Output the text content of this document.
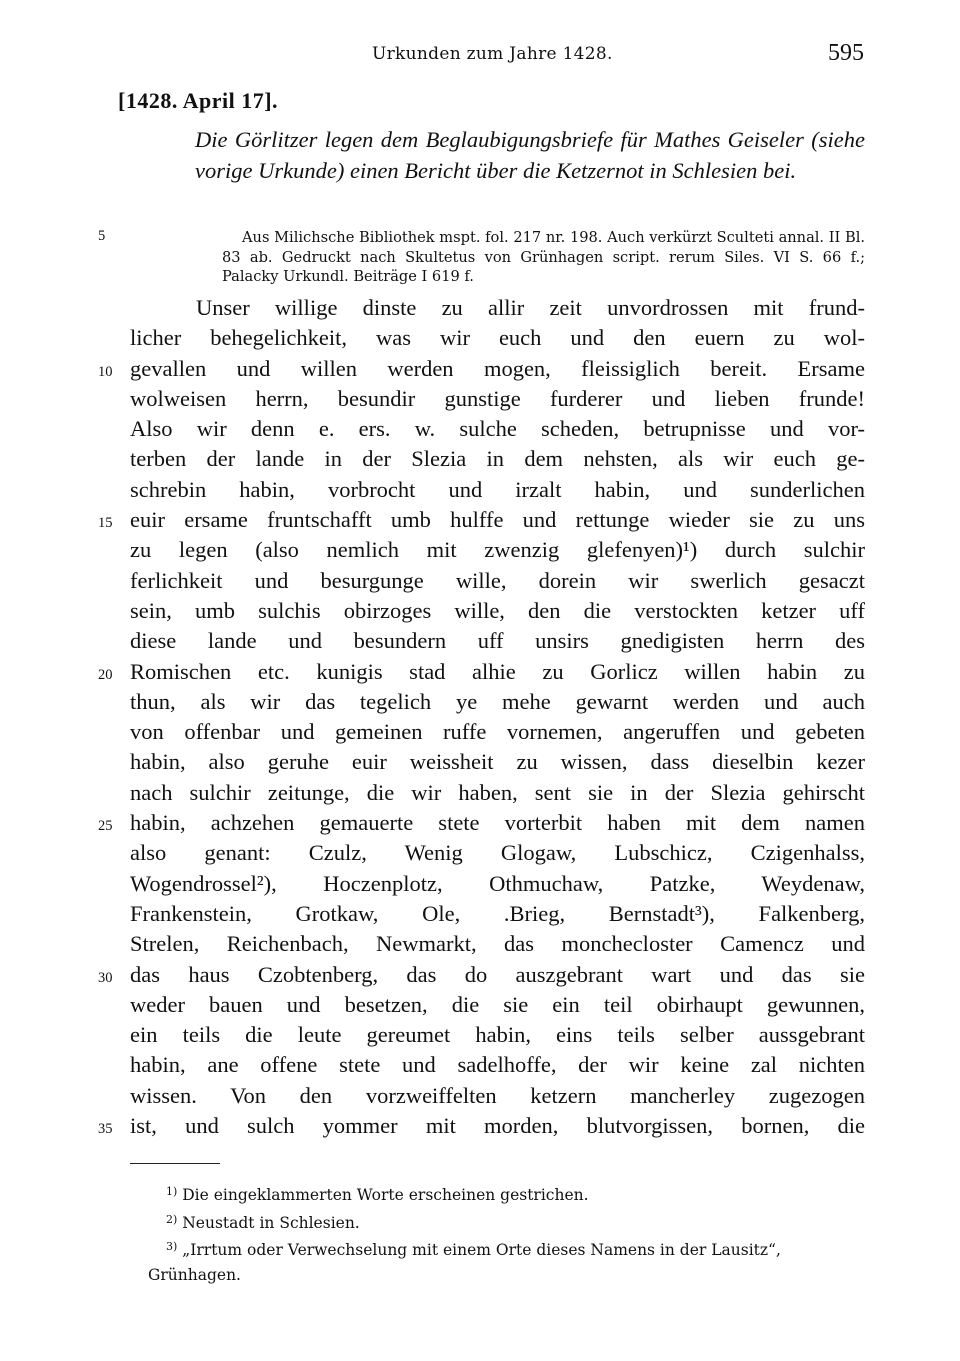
Urkunden zum Jahre 1428.	595
[1428. April 17].

Die Görlitzer legen dem Beglaubigungsbriefe für Mathes Geiseler (siehe vorige Urkunde) einen Bericht über die Ketzernot in Schlesien bei.

Aus Milichsche Bibliothek mspt. fol. 217 nr. 198. Auch verkürzt Sculteti annal. II Bl. 83 ab. Gedruckt nach Skultetus von Grünhagen script. rerum Siles. VI S. 66 f.; Palacky Urkundl. Beiträge I 619 f.

5
10
15
20
25
30
35
Unser willige dinste zu allir zeit unvordrossen mit frund-
licher behegelichkeit, was wir euch und den euern zu wol-
gevallen und willen werden mogen, fleissiglich bereit. Ersame
wolweisen herrn, besundir gunstige furderer und lieben frunde!
Also wir denn e. ers. w. sulche scheden, betrupnisse und vor-
terben der lande in der Slezia in dem nehsten, als wir euch ge-
schrebin habin, vorbrocht und irzalt habin, und sunderlichen
euir ersame fruntschafft umb hulffe und rettunge wieder sie zu uns
zu legen (also nemlich mit zwenzig glefenyen)¹) durch sulchir
ferlichkeit und besurgunge wille, dorein wir swerlich gesaczt
sein, umb sulchis obirzoges wille, den die verstockten ketzer uff
diese lande und besundern uff unsirs gnedigisten herrn des
Romischen etc. kunigis stad alhie zu Gorlicz willen habin zu
thun, als wir das tegelich ye mehe gewarnt werden und auch
von offenbar und gemeinen ruffe vornemen, angeruffen und gebeten
habin, also geruhe euir weissheit zu wissen, dass dieselbin kezer
nach sulchir zeitunge, die wir haben, sent sie in der Slezia gehirscht
habin, achzehen gemauerte stete vorterbit haben mit dem namen
also genant: Czulz, Wenig Glogaw, Lubschicz, Czigenhalss,
Wogendrossel²), Hoczenplotz, Othmuchaw, Patzke, Weydenaw,
Frankenstein, Grotkaw, Ole, .Brieg, Bernstadt³), Falkenberg,
Strelen, Reichenbach, Newmarkt, das monchecloster Camencz und
das haus Czobtenberg, das do auszgebrant wart und das sie
weder bauen und besetzen, die sie ein teil obirhaupt gewunnen,
ein teils die leute gereumet habin, eins teils selber aussgebrant
habin, ane offene stete und sadelhoffe, der wir keine zal nichten
wissen. Von den vorzweiffelten ketzern mancherley zugezogen
ist, und sulch yommer mit morden, blutvorgissen, bornen, die

$^{1)}$ Die eingeklammerten Worte erscheinen gestrichen.

$^{2)}$ Neustadt in Schlesien.

$^{3)}$ „Irrtum oder Verwechselung mit einem Orte dieses Namens in der Lausitz“, Grünhagen.
